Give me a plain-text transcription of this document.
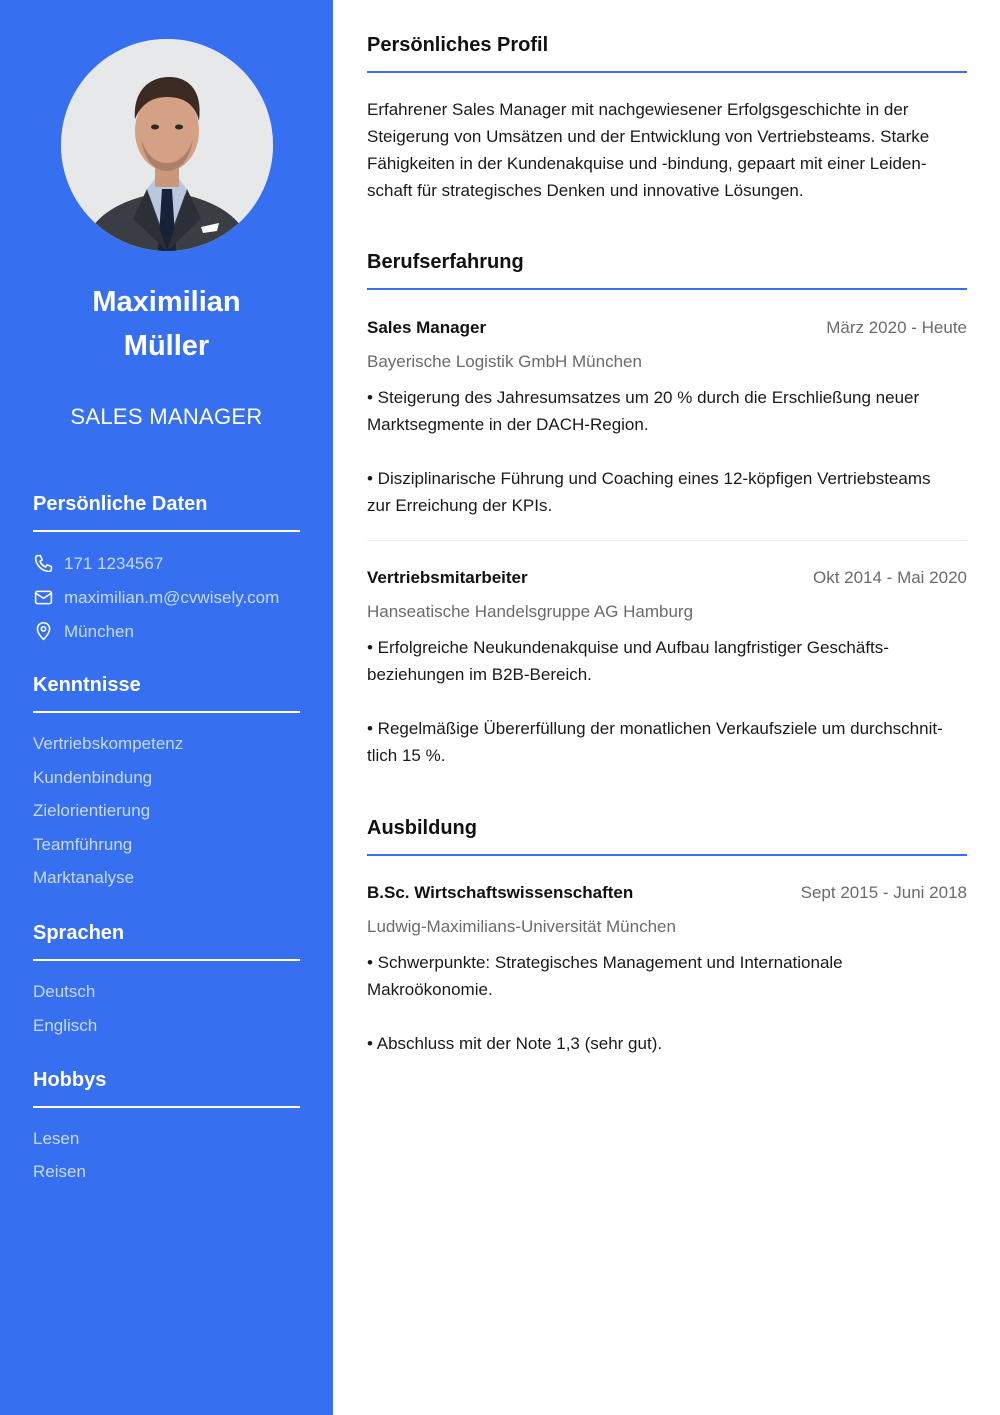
Maximilian
Müller
SALES MANAGER
Persönliche Daten
171 1234567
maximilian.m@cvwisely.com
München
Kenntnisse
Vertriebskompetenz
Kundenbindung
Zielorientierung
Teamführung
Marktanalyse
Sprachen
Deutsch
Englisch
Hobbys
Lesen
Reisen
Persönliches Profil
Erfahrener Sales Manager mit nachgewiesener Erfolgsgeschichte in der
Steigerung von Umsätzen und der Entwicklung von Vertriebsteams. Starke
Fähigkeiten in der Kundenakquise und -bindung, gepaart mit einer Leiden-
schaft für strategisches Denken und innovative Lösungen.
Berufserfahrung
Sales Manager	März 2020 - Heute
Bayerische Logistik GmbH München
• Steigerung des Jahresumsatzes um 20 % durch die Erschließung neuer
Marktsegmente in der DACH-Region.
• Disziplinarische Führung und Coaching eines 12-köpfigen Vertriebsteams
zur Erreichung der KPIs.
Vertriebsmitarbeiter	Okt 2014 - Mai 2020
Hanseatische Handelsgruppe AG Hamburg
• Erfolgreiche Neukundenakquise und Aufbau langfristiger Geschäfts-
beziehungen im B2B-Bereich.
• Regelmäßige Übererfüllung der monatlichen Verkaufsziele um durchschnit-
tlich 15 %.
Ausbildung
B.Sc. Wirtschaftswissenschaften	Sept 2015 - Juni 2018
Ludwig-Maximilians-Universität München
• Schwerpunkte: Strategisches Management und Internationale
Makroökonomie.
• Abschluss mit der Note 1,3 (sehr gut).
